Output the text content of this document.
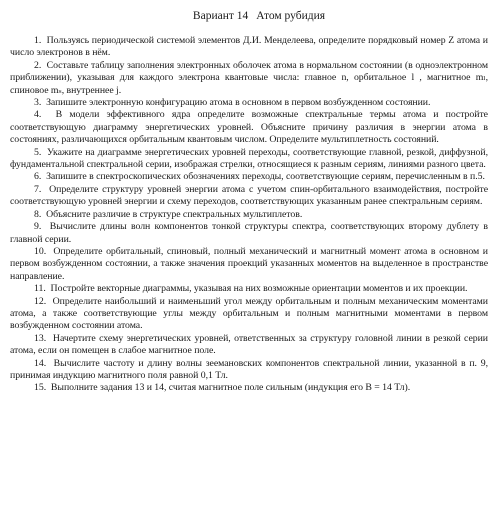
Вариант 14 Атом рубидия

1. Пользуясь периодической системой элементов Д.И. Менделеева, определите порядковый номер Z атома и число электронов в нём.

2. Составьте таблицу заполнения электронных оболочек атома в нормальном состоянии (в одноэлектронном приближении), указывая для каждого электрона квантовые числа: главное n, орбитальное l , магнитное mₗ, спиновое mₛ, внутреннее j.

3. Запишите электронную конфигурацию атома в основном в первом возбужденном состоянии.

4. В модели эффективного ядра определите возможные спектральные термы атома и постройте соответствующую диаграмму энергетических уровней. Объясните причину различия в энергии атома в состояниях, различающихся орбитальным квантовым числом. Определите мультиплетность состояний.

5. Укажите на диаграмме энергетических уровней переходы, соответствующие главной, резкой, диффузной, фундаментальной спектральной серии, изображая стрелки, относящиеся к разным сериям, линиями разного цвета.

6. Запишите в спектроскопических обозначениях переходы, соответствующие сериям, перечисленным в п.5.

7. Определите структуру уровней энергии атома с учетом спин-орбитального взаимодействия, постройте соответствующую уровней энергии и схему переходов, соответствующих указанным ранее спектральным сериям.

8. Объясните различие в структуре спектральных мультиплетов.

9. Вычислите длины волн компонентов тонкой структуры спектра, соответствующих второму дублету в главной серии.

10. Определите орбитальный, спиновый, полный механический и магнитный момент атома в основном и первом возбужденном состоянии, а также значения проекций указанных моментов на выделенное в пространстве направление.

11. Постройте векторные диаграммы, указывая на них возможные ориентации моментов и их проекции.

12. Определите наибольший и наименьший угол между орбитальным и полным механическим моментами атома, а также соответствующие углы между орбитальным и полным магнитными моментами в первом возбужденном состоянии атома.

13. Начертите схему энергетических уровней, ответственных за структуру головной линии в резкой серии атома, если он помещен в слабое магнитное поле.

14. Вычислите частоту и длину волны зеемановских компонентов спектральной линии, указанной в п. 9, принимая индукцию магнитного поля равной 0,1 Тл.

15. Выполните задания 13 и 14, считая магнитное поле сильным (индукция его В = 14 Тл).
